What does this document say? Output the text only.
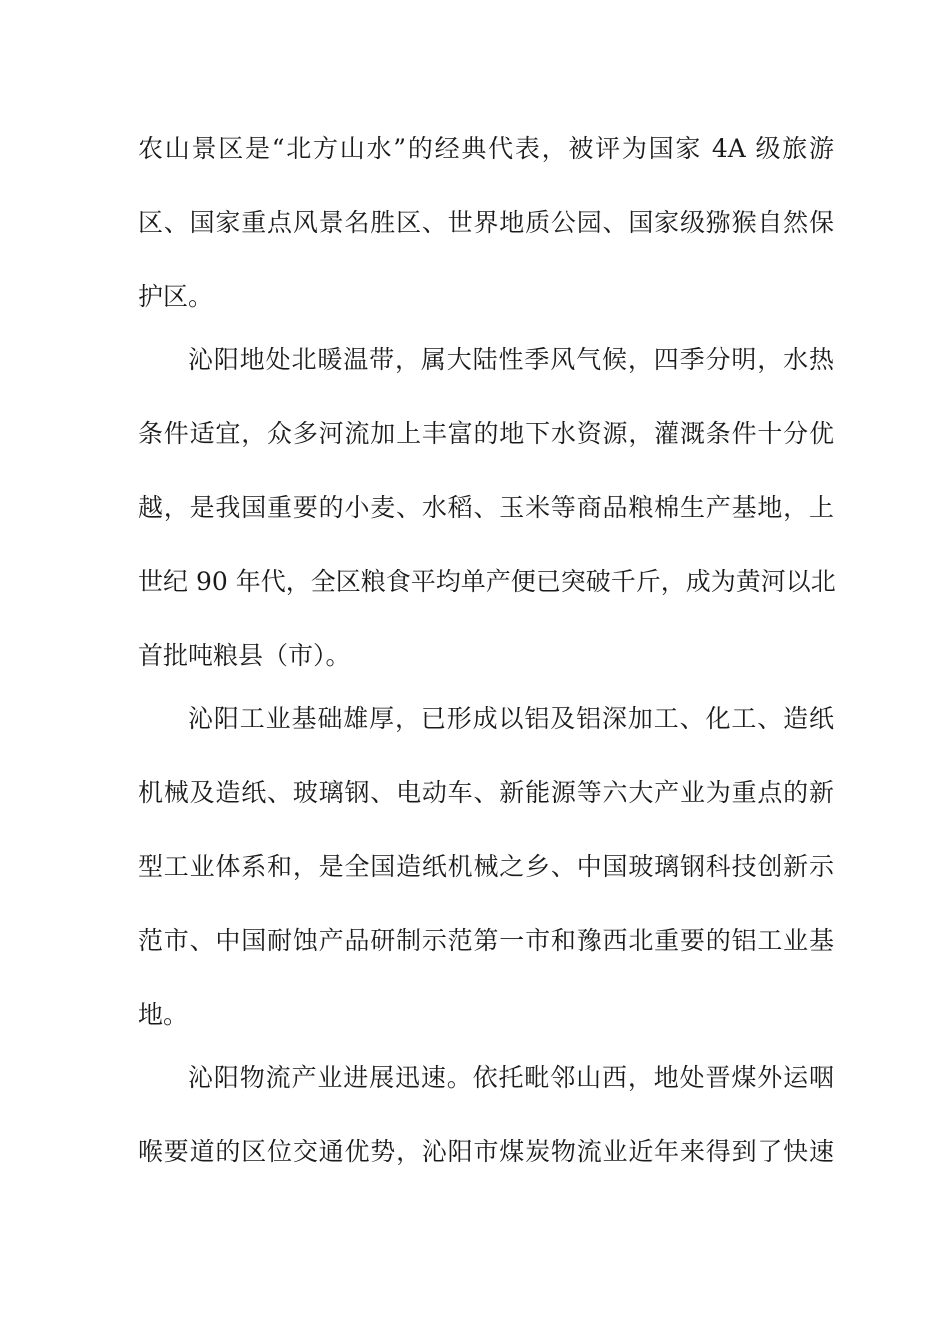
农山景区是“北方山水”的经典代表，被评为国家 4A 级旅游
区、国家重点风景名胜区、世界地质公园、国家级猕猴自然保
护区。
沁阳地处北暖温带，属大陆性季风气候，四季分明，水热
条件适宜，众多河流加上丰富的地下水资源，灌溉条件十分优
越，是我国重要的小麦、水稻、玉米等商品粮棉生产基地，上
世纪 90 年代，全区粮食平均单产便已突破千斤，成为黄河以北
首批吨粮县（市）。
沁阳工业基础雄厚，已形成以铝及铝深加工、化工、造纸
机械及造纸、玻璃钢、电动车、新能源等六大产业为重点的新
型工业体系和，是全国造纸机械之乡、中国玻璃钢科技创新示
范市、中国耐蚀产品研制示范第一市和豫西北重要的铝工业基
地。
沁阳物流产业进展迅速。依托毗邻山西，地处晋煤外运咽
喉要道的区位交通优势，沁阳市煤炭物流业近年来得到了快速
